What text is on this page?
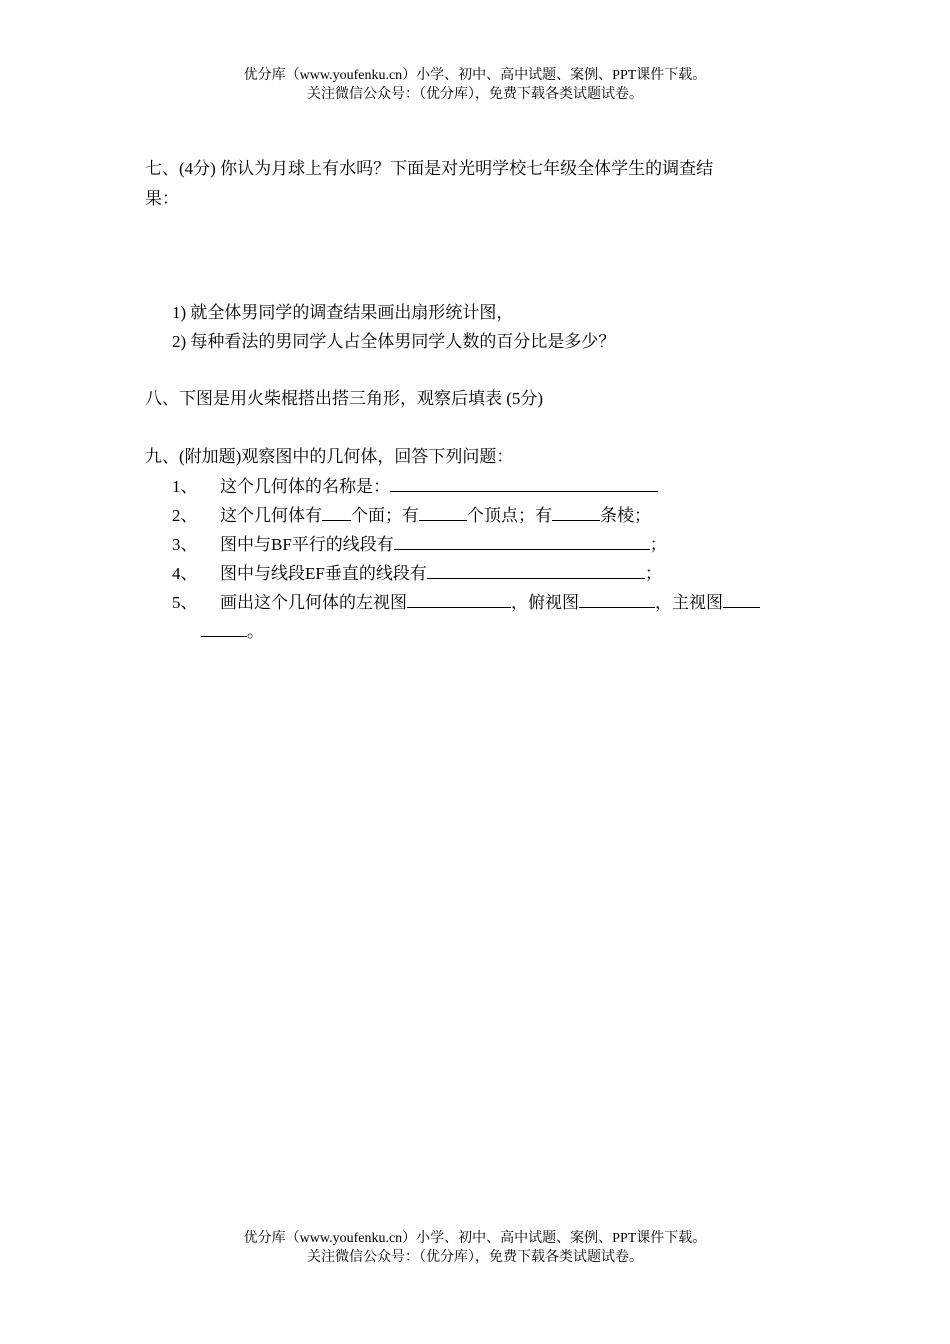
优分库（www.youfenku.cn）小学、初中、高中试题、案例、PPT课件下载。
关注微信公众号：（优分库），免费下载各类试题试卷。
七、(4分) 你认为月球上有水吗？下面是对光明学校七年级全体学生的调查结
果：
1) 就全体男同学的调查结果画出扇形统计图，
2) 每种看法的男同学人占全体男同学人数的百分比是多少？
八、下图是用火柴棍搭出搭三角形，观察后填表 (5分)
九、(附加题)观察图中的几何体，回答下列问题：
1、 这个几何体的名称是：
2、 这个几何体有 个面；有	个顶点；有	条棱；
3、 图中与BF平行的线段有	；
4、 图中与线段EF垂直的线段有	；
5、 画出这个几何体的左视图	，俯视图	，主视图
。
优分库（www.youfenku.cn）小学、初中、高中试题、案例、PPT课件下载。
关注微信公众号：（优分库），免费下载各类试题试卷。
